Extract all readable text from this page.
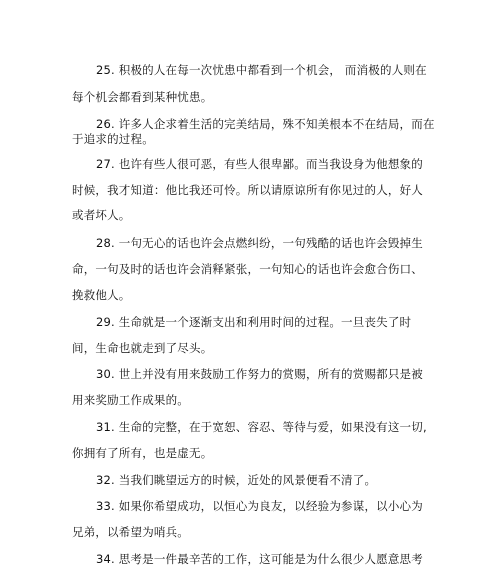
25. 积极的人在每一次忧患中都看到一个机会， 而消极的人则在
每个机会都看到某种忧患。
26. 许多人企求着生活的完美结局，殊不知美根本不在结局，而在
于追求的过程。
27. 也许有些人很可恶，有些人很卑鄙。而当我设身为他想象的
时候，我才知道：他比我还可怜。所以请原谅所有你见过的人，好人
或者坏人。
28. 一句无心的话也许会点燃纠纷，一句残酷的话也许会毁掉生
命，一句及时的话也许会消释紧张，一句知心的话也许会愈合伤口、
挽救他人。
29. 生命就是一个逐渐支出和利用时间的过程。一旦丧失了时
间，生命也就走到了尽头。
30. 世上并没有用来鼓励工作努力的赏赐，所有的赏赐都只是被
用来奖励工作成果的。
31. 生命的完整，在于宽恕、容忍、等待与爱，如果没有这一切,
你拥有了所有，也是虚无。
32. 当我们眺望远方的时候，近处的风景便看不清了。
33. 如果你希望成功，以恒心为良友，以经验为参谋，以小心为
兄弟，以希望为哨兵。
34. 思考是一件最辛苦的工作，这可能是为什么很少人愿意思考
